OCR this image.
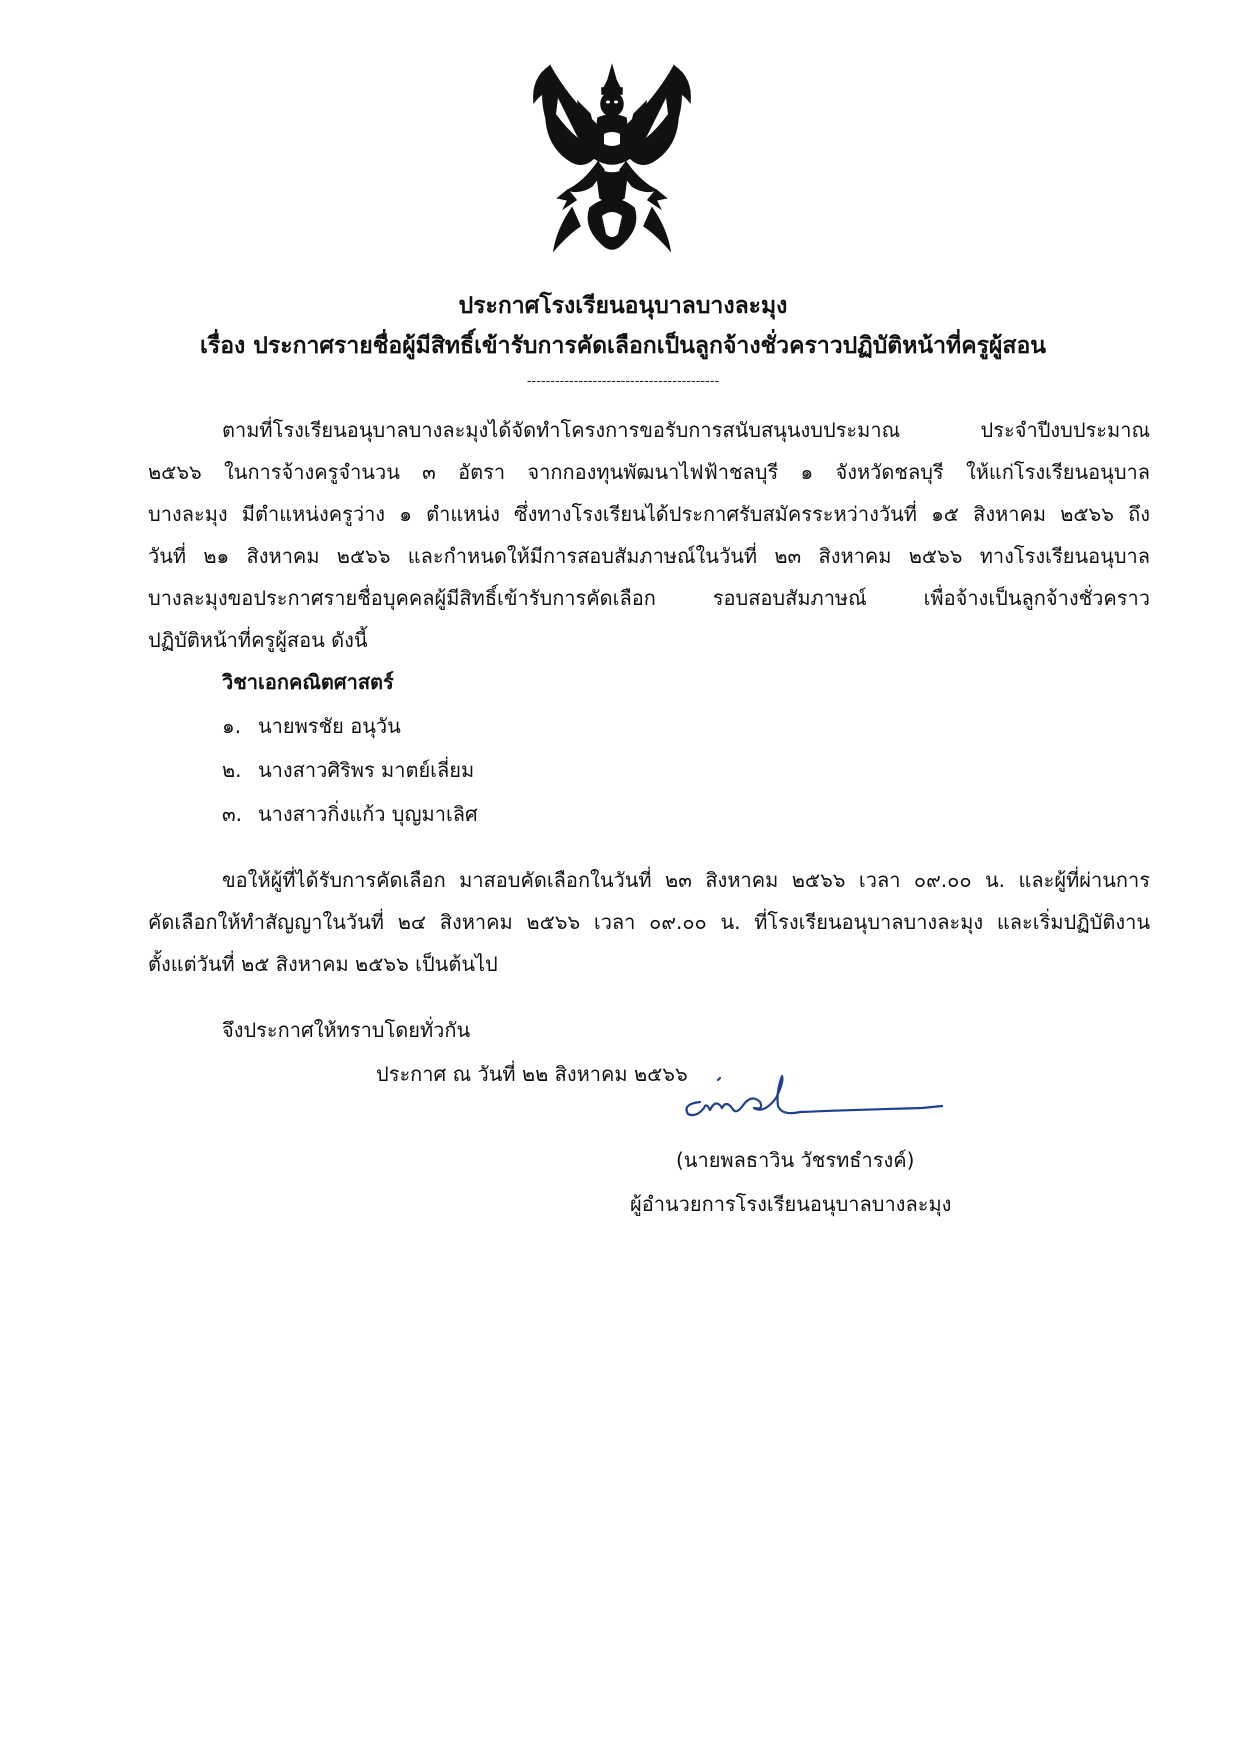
ประกาศโรงเรียนอนุบาลบางละมุง
เรื่อง ประกาศรายชื่อผู้มีสิทธิ์เข้ารับการคัดเลือกเป็นลูกจ้างชั่วคราวปฏิบัติหน้าที่ครูผู้สอน
-----------------------------------------
ตามที่โรงเรียนอนุบาลบางละมุงได้จัดทำโครงการขอรับการสนับสนุนงบประมาณ ประจำปีงบประมาณ
๒๕๖๖ ในการจ้างครูจำนวน ๓ อัตรา จากกองทุนพัฒนาไฟฟ้าชลบุรี ๑ จังหวัดชลบุรี ให้แก่โรงเรียนอนุบาล
บางละมุง มีตำแหน่งครูว่าง ๑ ตำแหน่ง ซึ่งทางโรงเรียนได้ประกาศรับสมัครระหว่างวันที่ ๑๕ สิงหาคม ๒๕๖๖ ถึง
วันที่ ๒๑ สิงหาคม ๒๕๖๖ และกำหนดให้มีการสอบสัมภาษณ์ในวันที่ ๒๓ สิงหาคม ๒๕๖๖ ทางโรงเรียนอนุบาล
บางละมุงขอประกาศรายชื่อบุคคลผู้มีสิทธิ์เข้ารับการคัดเลือก รอบสอบสัมภาษณ์ เพื่อจ้างเป็นลูกจ้างชั่วคราว
ปฏิบัติหน้าที่ครูผู้สอน ดังนี้
วิชาเอกคณิตศาสตร์
๑. นายพรชัย อนุวัน
๒. นางสาวศิริพร มาตย์เลี่ยม
๓. นางสาวกิ่งแก้ว บุญมาเลิศ
ขอให้ผู้ที่ได้รับการคัดเลือก มาสอบคัดเลือกในวันที่ ๒๓ สิงหาคม ๒๕๖๖ เวลา ๐๙.๐๐ น. และผู้ที่ผ่านการ
คัดเลือกให้ทำสัญญาในวันที่ ๒๔ สิงหาคม ๒๕๖๖ เวลา ๐๙.๐๐ น. ที่โรงเรียนอนุบาลบางละมุง และเริ่มปฏิบัติงาน
ตั้งแต่วันที่ ๒๕ สิงหาคม ๒๕๖๖ เป็นต้นไป
จึงประกาศให้ทราบโดยทั่วกัน
ประกาศ ณ วันที่ ๒๒ สิงหาคม ๒๕๖๖
(นายพลธาวิน วัชรทธำรงค์)
ผู้อำนวยการโรงเรียนอนุบาลบางละมุง
